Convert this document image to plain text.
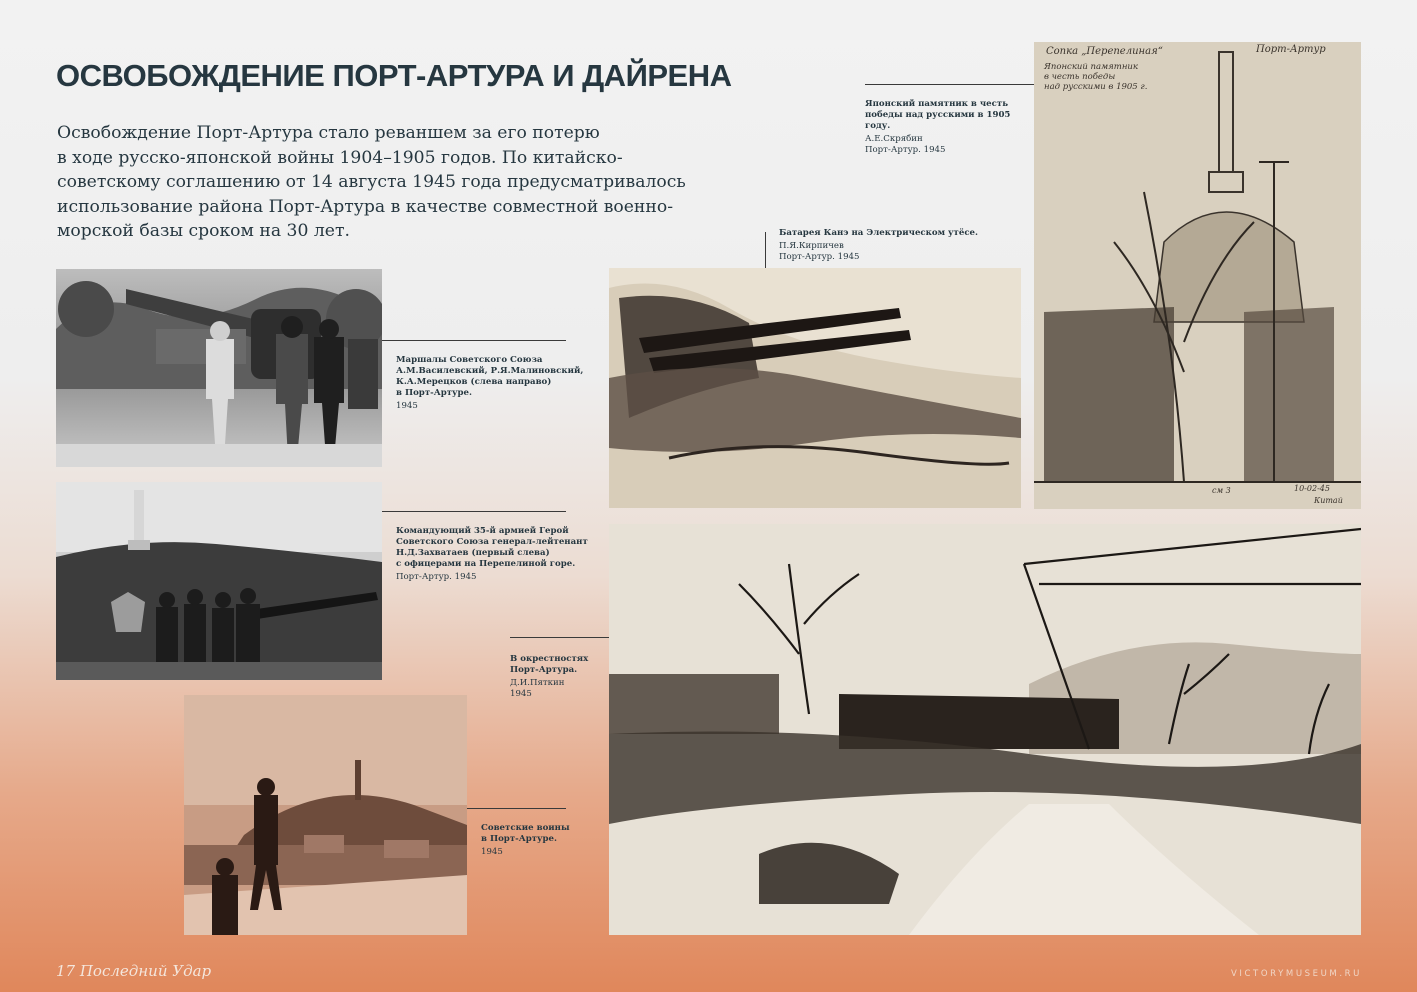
ОСВОБОЖДЕНИЕ ПОРТ-АРТУРА И ДАЙРЕНА

Освобождение Порт-Артура стало реваншем за его потерю
в ходе русско-японской войны 1904–1905 годов. По китайско-
советскому соглашению от 14 августа 1945 года предусматривалось
использование района Порт-Артура в качестве совместной военно-
морской базы сроком на 30 лет.

Маршалы Советского Союза
А.М.Василевский, Р.Я.Малиновский,
К.А.Мерецков (слева направо)
в Порт-Артуре.
1945
Командующий 35-й армией Герой
Советского Союза генерал-лейтенант
Н.Д.Захватаев (первый слева)
с офицерами на Перепелиной горе.
Порт-Артур. 1945
Советские воины
в Порт-Артуре.
1945
Батарея Канэ на Электрическом утёсе.
П.Я.Кирпичев
Порт-Артур. 1945
Японский памятник в честь
победы над русскими в 1905 году.
А.Е.Скрябин
Порт-Артур. 1945
Сопка „Перепелиная“	Порт-Артур
Японский памятник
в честь победы
над русскими в 1905 г.
см 3	10-02-45
Китай
В окрестностях
Порт-Артура.
Д.И.Пяткин
1945
17 Последний Удар	VICTORYMUSEUM.RU
